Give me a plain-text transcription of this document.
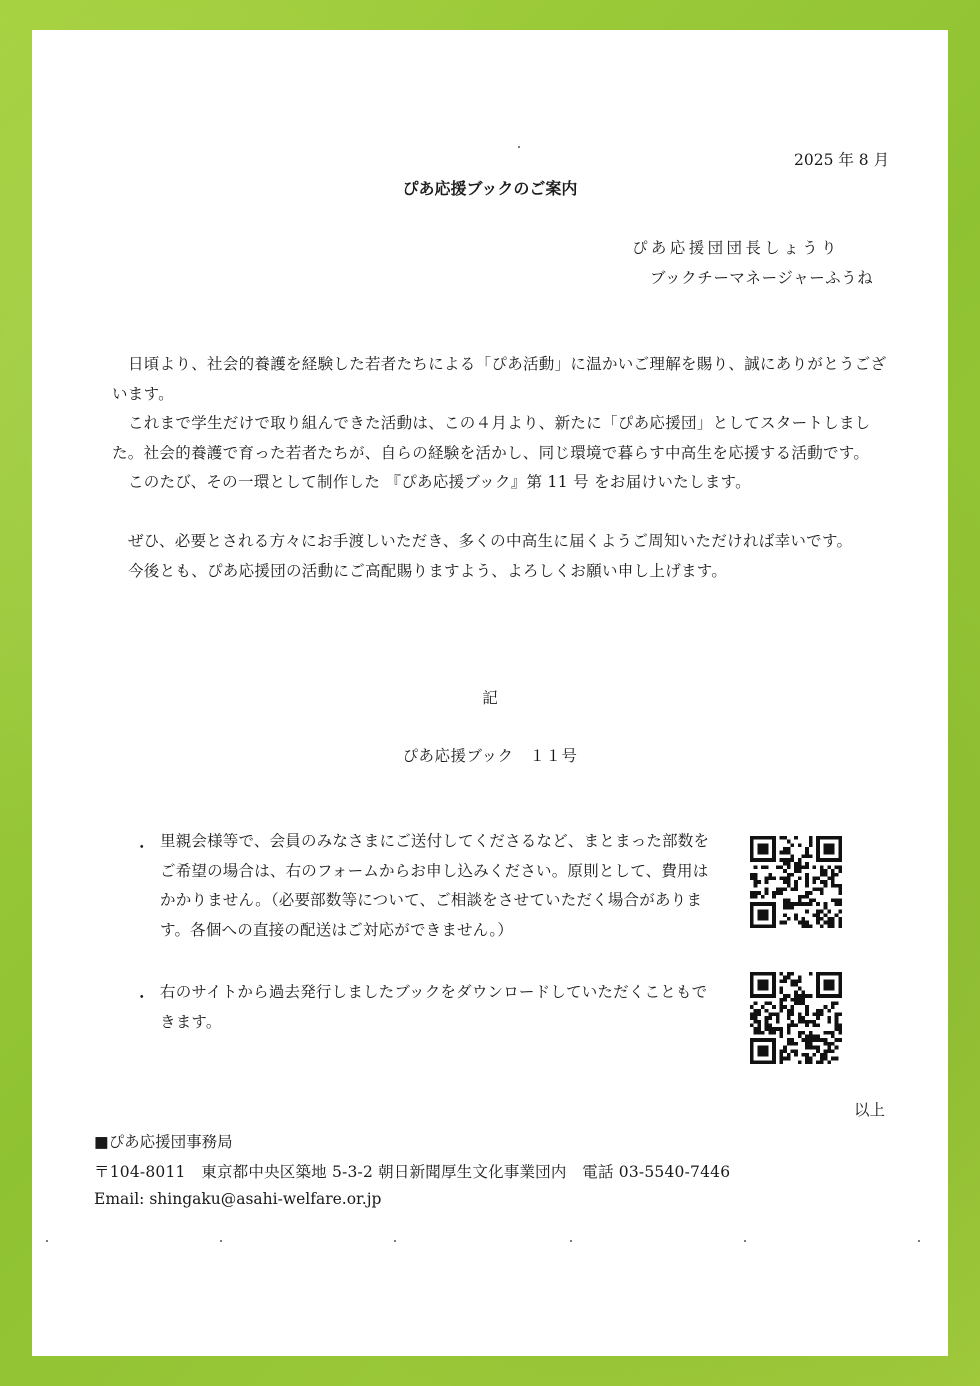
2025 年 8 月
ぴあ応援ブックのご案内
ぴあ応援団団長しょうり
ブックチーマネージャーふうね

日頃より、社会的養護を経験した若者たちによる「ぴあ活動」に温かいご理解を賜り、誠にありがとうございます。

これまで学生だけで取り組んできた活動は、この４月より、新たに「ぴあ応援団」としてスタートしました。社会的養護で育った若者たちが、自らの経験を活かし、同じ環境で暮らす中高生を応援する活動です。

このたび、その一環として制作した 『ぴあ応援ブック』第 11 号 をお届けいたします。

ぜひ、必要とされる方々にお手渡しいただき、多くの中高生に届くようご周知いただければ幸いです。

今後とも、ぴあ応援団の活動にご高配賜りますよう、よろしくお願い申し上げます。

記
ぴあ応援ブック　１１号
・ 里親会様等で、会員のみなさまにご送付してくださるなど、まとまった部数をご希望の場合は、右のフォームからお申し込みください。原則として、費用はかかりません。（必要部数等について、ご相談をさせていただく場合があります。各個への直接の配送はご対応ができません。）
・ 右のサイトから過去発行しましたブックをダウンロードしていただくこともできます。
以上
■ぴあ応援団事務局
〒104-8011　東京都中央区築地 5-3-2 朝日新聞厚生文化事業団内　電話 03-5540-7446
Email: shingaku@asahi-welfare.or.jp
